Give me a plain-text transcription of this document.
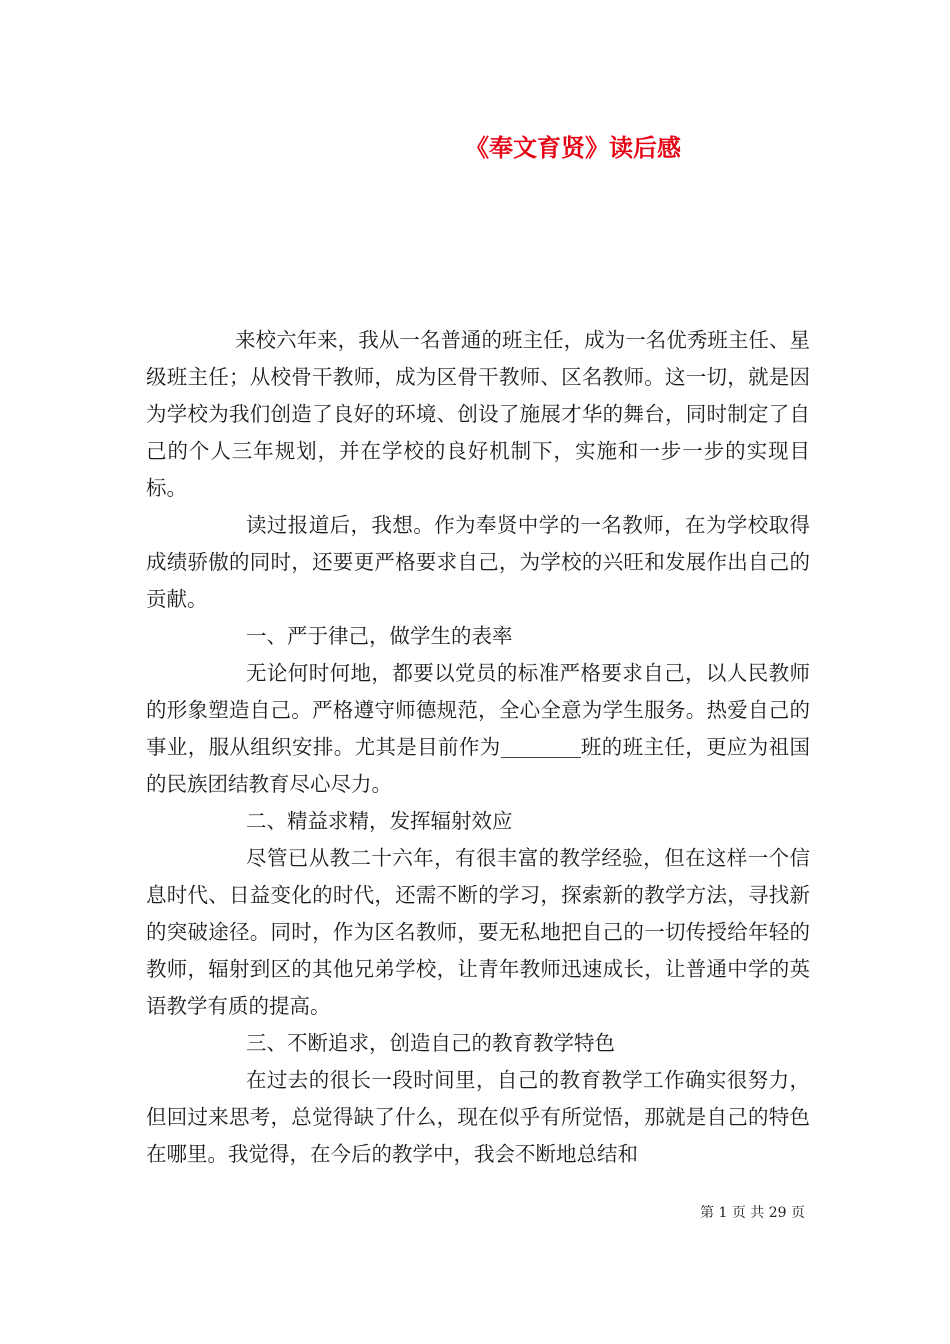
《奉文育贤》读后感

来校六年来，我从一名普通的班主任，成为一名优秀班主任、星级班主任；从校骨干教师，成为区骨干教师、区名教师。这一切，就是因为学校为我们创造了良好的环境、创设了施展才华的舞台，同时制定了自己的个人三年规划，并在学校的良好机制下，实施和一步一步的实现目标。

读过报道后，我想。作为奉贤中学的一名教师，在为学校取得成绩骄傲的同时，还要更严格要求自己，为学校的兴旺和发展作出自己的贡献。

一、严于律己，做学生的表率

无论何时何地，都要以党员的标准严格要求自己，以人民教师的形象塑造自己。严格遵守师德规范，全心全意为学生服务。热爱自己的事业，服从组织安排。尤其是目前作为	班的班主任，更应为祖国的民族团结教育尽心尽力。

二、精益求精，发挥辐射效应

尽管已从教二十六年，有很丰富的教学经验，但在这样一个信息时代、日益变化的时代，还需不断的学习，探索新的教学方法，寻找新的突破途径。同时，作为区名教师，要无私地把自己的一切传授给年轻的教师，辐射到区的其他兄弟学校，让青年教师迅速成长，让普通中学的英语教学有质的提高。

三、不断追求，创造自己的教育教学特色

在过去的很长一段时间里，自己的教育教学工作确实很努力，但回过来思考，总觉得缺了什么，现在似乎有所觉悟，那就是自己的特色在哪里。我觉得，在今后的教学中，我会不断地总结和

第 1 页 共 29 页
